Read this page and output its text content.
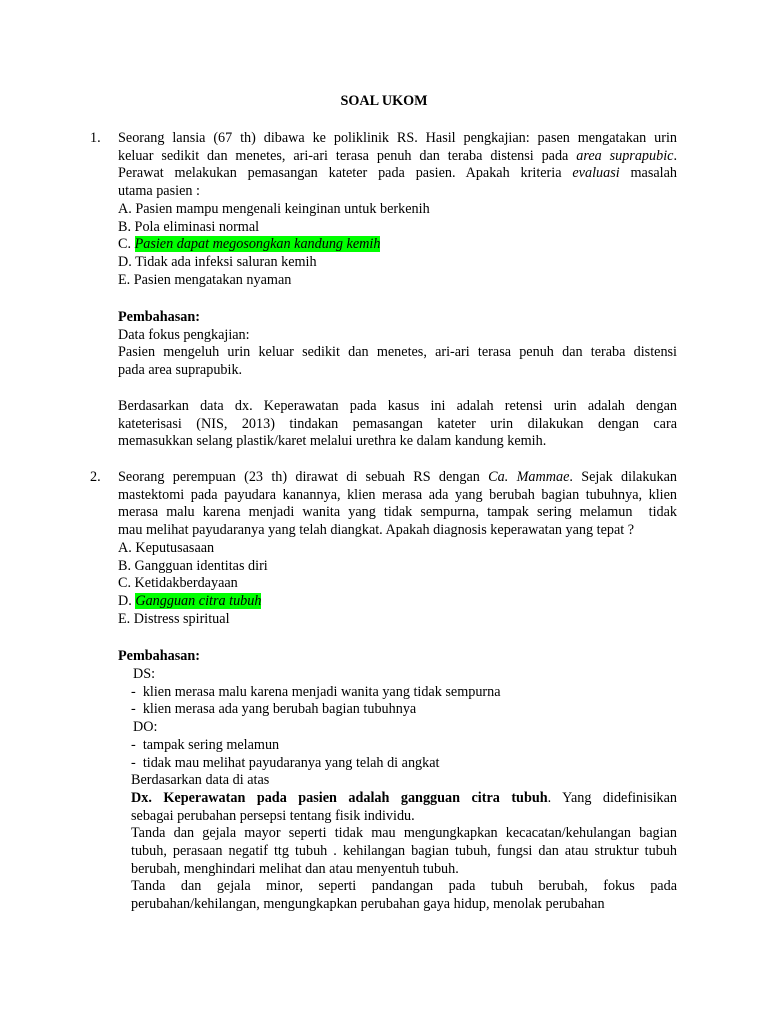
SOAL UKOM
1. Seorang lansia (67 th) dibawa ke poliklinik RS. Hasil pengkajian: pasen mengatakan urin
keluar sedikit dan menetes, ari-ari terasa penuh dan teraba distensi pada area suprapubic.
Perawat melakukan pemasangan kateter pada pasien. Apakah kriteria evaluasi masalah
utama pasien :
A. Pasien mampu mengenali keinginan untuk berkenih
B. Pola eliminasi normal
C. Pasien dapat megosongkan kandung kemih
D. Tidak ada infeksi saluran kemih
E. Pasien mengatakan nyaman
Pembahasan:
Data fokus pengkajian:
Pasien mengeluh urin keluar sedikit dan menetes, ari-ari terasa penuh dan teraba distensi
pada area suprapubik.
Berdasarkan data dx. Keperawatan pada kasus ini adalah retensi urin adalah dengan
kateterisasi (NIS, 2013) tindakan pemasangan kateter urin dilakukan dengan cara
memasukkan selang plastik/karet melalui urethra ke dalam kandung kemih.
2. Seorang perempuan (23 th) dirawat di sebuah RS dengan Ca. Mammae. Sejak dilakukan
mastektomi pada payudara kanannya, klien merasa ada yang berubah bagian tubuhnya, klien
merasa malu karena menjadi wanita yang tidak sempurna, tampak sering melamun  tidak
mau melihat payudaranya yang telah diangkat. Apakah diagnosis keperawatan yang tepat ?
A. Keputusasaan
B. Gangguan identitas diri
C. Ketidakberdayaan
D. Gangguan citra tubuh
E. Distress spiritual
Pembahasan:
DS:
-  klien merasa malu karena menjadi wanita yang tidak sempurna
-  klien merasa ada yang berubah bagian tubuhnya
DO:
-  tampak sering melamun
-  tidak mau melihat payudaranya yang telah di angkat
Berdasarkan data di atas
Dx. Keperawatan pada pasien adalah gangguan citra tubuh. Yang didefinisikan
sebagai perubahan persepsi tentang fisik individu.
Tanda dan gejala mayor seperti tidak mau mengungkapkan kecacatan/kehulangan bagian
tubuh, perasaan negatif ttg tubuh . kehilangan bagian tubuh, fungsi dan atau struktur tubuh
berubah, menghindari melihat dan atau menyentuh tubuh.
Tanda dan gejala minor, seperti pandangan pada tubuh berubah, fokus pada
perubahan/kehilangan, mengungkapkan perubahan gaya hidup, menolak perubahan
